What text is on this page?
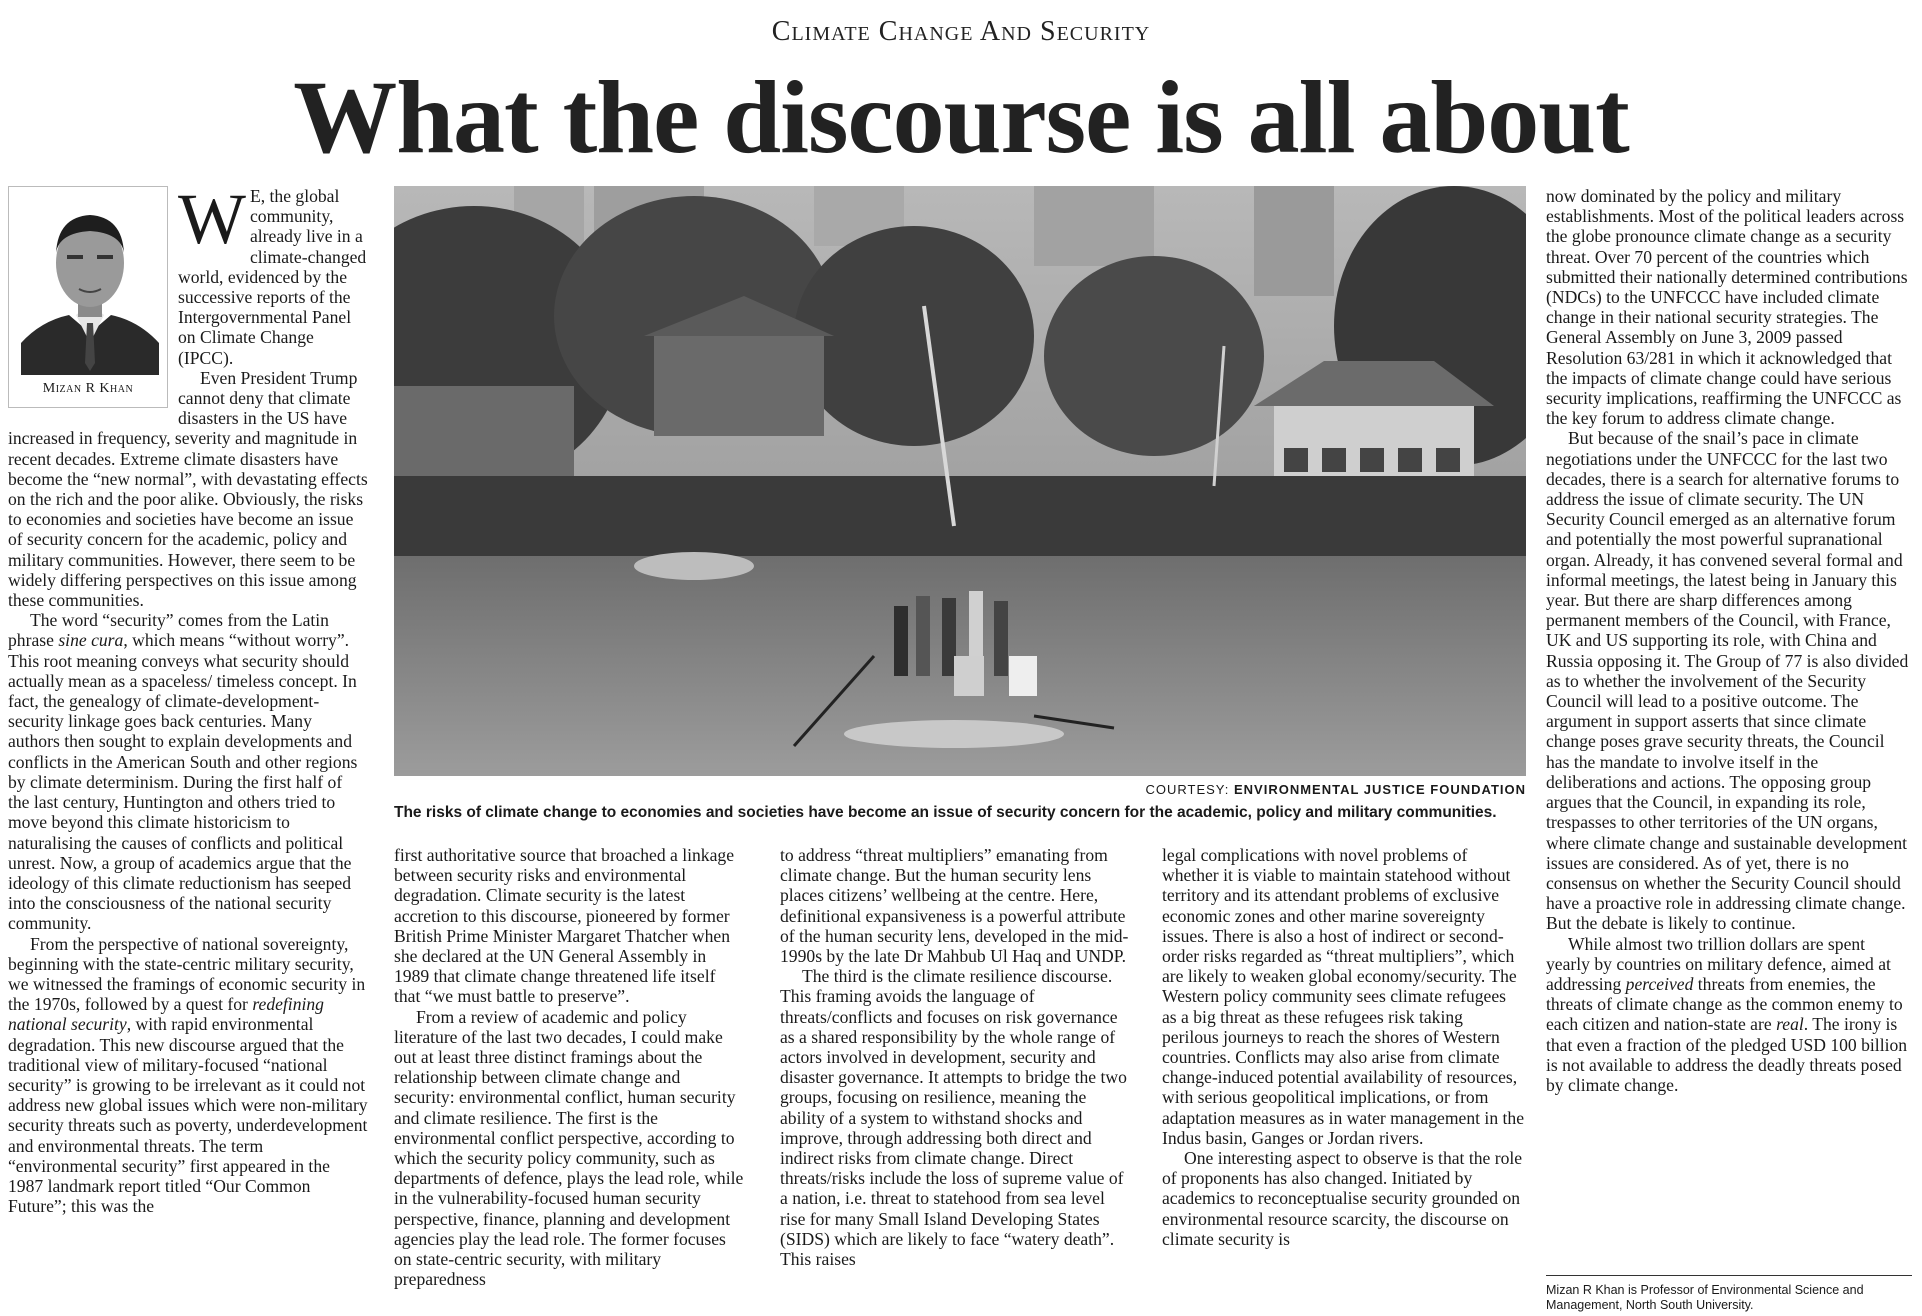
Climate Change And Security
What the discourse is all about
Mizan R Khan
W E, the global community, already live in a climate-changed world, evidenced by the successive reports of the Intergovernmental Panel on Climate Change (IPCC).

Even President Trump cannot deny that climate disasters in the US have increased in frequency, severity and magnitude in recent decades. Extreme climate disasters have become the “new normal”, with devastating effects on the rich and the poor alike. Obviously, the risks to economies and societies have become an issue of security concern for the academic, policy and military communities. However, there seem to be widely differing perspectives on this issue among these communities.

The word “security” comes from the Latin phrase sine cura, which means “without worry”. This root meaning conveys what security should actually mean as a spaceless/ timeless concept. In fact, the genealogy of climate-development-security linkage goes back centuries. Many authors then sought to explain developments and conflicts in the American South and other regions by climate determinism. During the first half of the last century, Huntington and others tried to move beyond this climate historicism to naturalising the causes of conflicts and political unrest. Now, a group of academics argue that the ideology of this climate reductionism has seeped into the consciousness of the national security community.

From the perspective of national sovereignty, beginning with the state-centric military security, we witnessed the framings of economic security in the 1970s, followed by a quest for redefining national security, with rapid environmental degradation. This new discourse argued that the traditional view of military-focused “national security” is growing to be irrelevant as it could not address new global issues which were non-military security threats such as poverty, underdevelopment and environmental threats. The term “environmental security” first appeared in the 1987 landmark report titled “Our Common Future”; this was the

COURTESY: ENVIRONMENTAL JUSTICE FOUNDATION
The risks of climate change to economies and societies have become an issue of security concern for the academic, policy and military communities.

first authoritative source that broached a linkage between security risks and environmental degradation. Climate security is the latest accretion to this discourse, pioneered by former British Prime Minister Margaret Thatcher when she declared at the UN General Assembly in 1989 that climate change threatened life itself that “we must battle to preserve”.

From a review of academic and policy literature of the last two decades, I could make out at least three distinct framings about the relationship between climate change and security: environmental conflict, human security and climate resilience. The first is the environmental conflict perspective, according to which the security policy community, such as departments of defence, plays the lead role, while in the vulnerability-focused human security perspective, finance, planning and development agencies play the lead role. The former focuses on state-centric security, with military preparedness

to address “threat multipliers” emanating from climate change. But the human security lens places citizens’ wellbeing at the centre. Here, definitional expansiveness is a powerful attribute of the human security lens, developed in the mid-1990s by the late Dr Mahbub Ul Haq and UNDP.

The third is the climate resilience discourse. This framing avoids the language of threats/conflicts and focuses on risk governance as a shared responsibility by the whole range of actors involved in development, security and disaster governance. It attempts to bridge the two groups, focusing on resilience, meaning the ability of a system to withstand shocks and improve, through addressing both direct and indirect risks from climate change. Direct threats/risks include the loss of supreme value of a nation, i.e. threat to statehood from sea level rise for many Small Island Developing States (SIDS) which are likely to face “watery death”. This raises

legal complications with novel problems of whether it is viable to maintain statehood without territory and its attendant problems of exclusive economic zones and other marine sovereignty issues. There is also a host of indirect or second-order risks regarded as “threat multipliers”, which are likely to weaken global economy/security. The Western policy community sees climate refugees as a big threat as these refugees risk taking perilous journeys to reach the shores of Western countries. Conflicts may also arise from climate change-induced potential availability of resources, with serious geopolitical implications, or from adaptation measures as in water management in the Indus basin, Ganges or Jordan rivers.

One interesting aspect to observe is that the role of proponents has also changed. Initiated by academics to reconceptualise security grounded on environmental resource scarcity, the discourse on climate security is

now dominated by the policy and military establishments. Most of the political leaders across the globe pronounce climate change as a security threat. Over 70 percent of the countries which submitted their nationally determined contributions (NDCs) to the UNFCCC have included climate change in their national security strategies. The General Assembly on June 3, 2009 passed Resolution 63/281 in which it acknowledged that the impacts of climate change could have serious security implications, reaffirming the UNFCCC as the key forum to address climate change.

But because of the snail’s pace in climate negotiations under the UNFCCC for the last two decades, there is a search for alternative forums to address the issue of climate security. The UN Security Council emerged as an alternative forum and potentially the most powerful supranational organ. Already, it has convened several formal and informal meetings, the latest being in January this year. But there are sharp differences among permanent members of the Council, with France, UK and US supporting its role, with China and Russia opposing it. The Group of 77 is also divided as to whether the involvement of the Security Council will lead to a positive outcome. The argument in support asserts that since climate change poses grave security threats, the Council has the mandate to involve itself in the deliberations and actions. The opposing group argues that the Council, in expanding its role, trespasses to other territories of the UN organs, where climate change and sustainable development issues are considered. As of yet, there is no consensus on whether the Security Council should have a proactive role in addressing climate change. But the debate is likely to continue.

While almost two trillion dollars are spent yearly by countries on military defence, aimed at addressing perceived threats from enemies, the threats of climate change as the common enemy to each citizen and nation-state are real. The irony is that even a fraction of the pledged USD 100 billion is not available to address the deadly threats posed by climate change.

Mizan R Khan is Professor of Environmental Science and Management, North South University.
